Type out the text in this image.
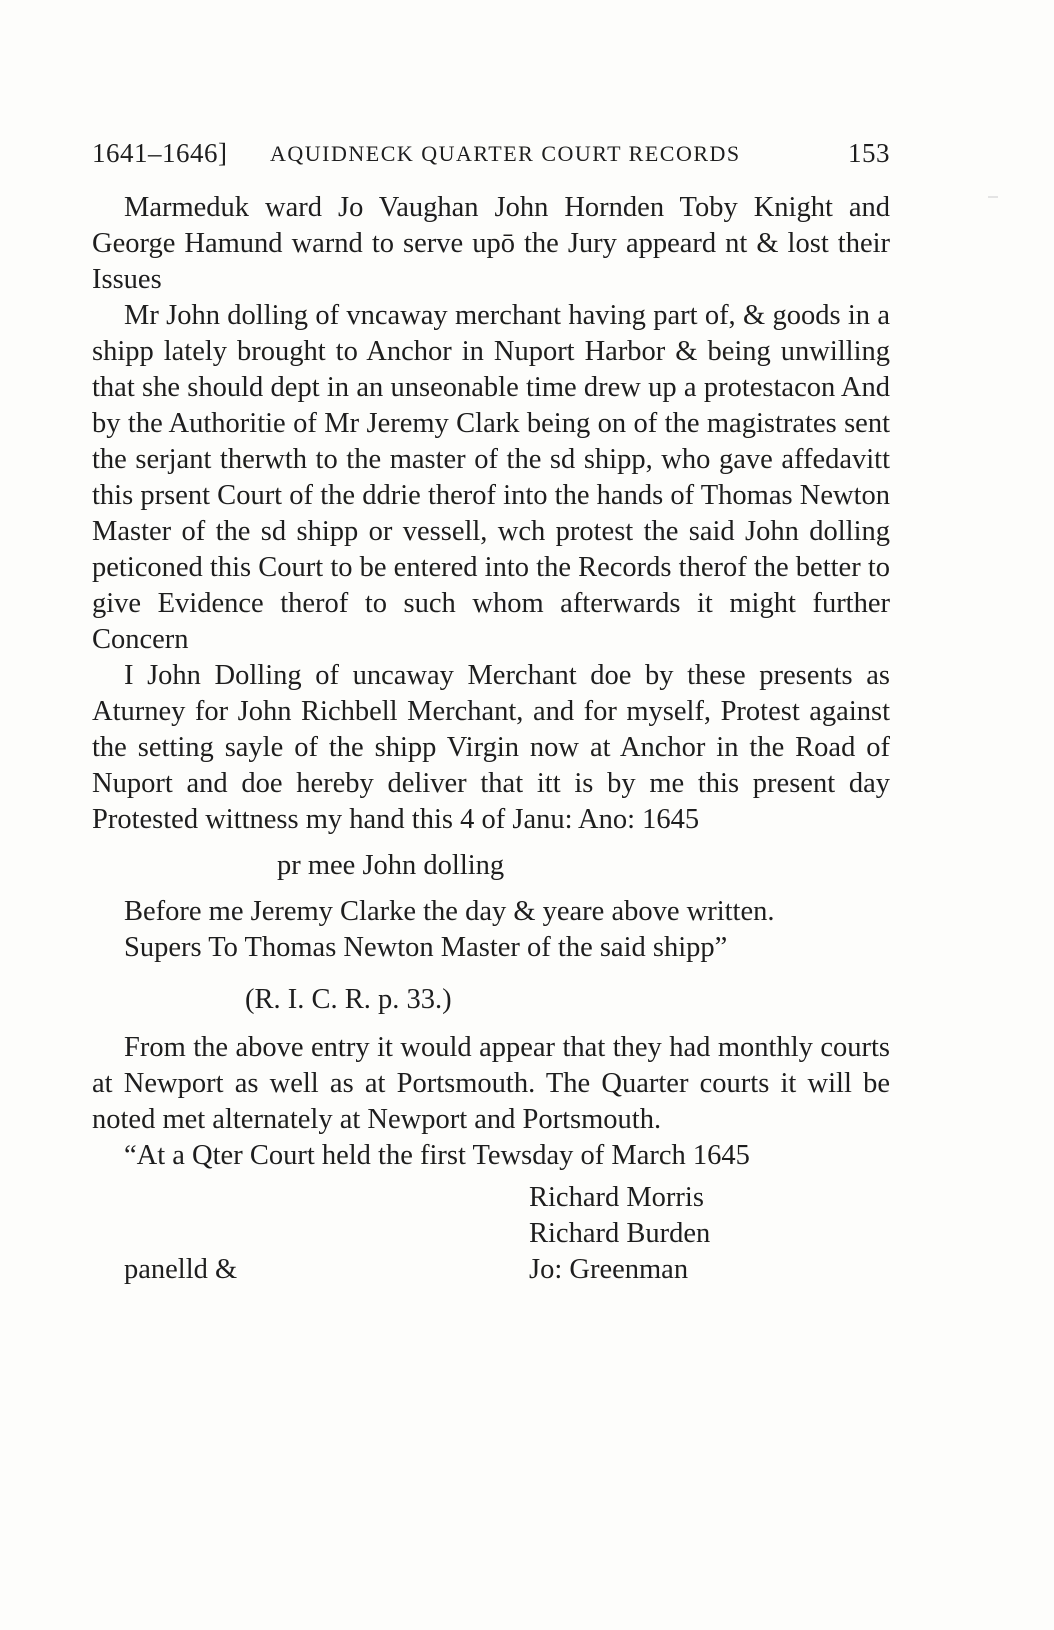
1641–1646] AQUIDNECK QUARTER COURT RECORDS	153

Marmeduk ward Jo Vaughan John Hornden Toby Knight and George Hamund warnd to serve upō the Jury appeard nt & lost their Issues

Mr John dolling of vncaway merchant having part of, & goods in a shipp lately brought to Anchor in Nuport Harbor & being unwilling that she should dept in an unseonable time drew up a protestacon And by the Authoritie of Mr Jeremy Clark being on of the magistrates sent the serjant therwth to the master of the sd shipp, who gave affedavitt this prsent Court of the ddrie therof into the hands of Thomas Newton Master of the sd shipp or vessell, wch protest the said John dolling peticoned this Court to be entered into the Records therof the better to give Evidence therof to such whom afterwards it might further Concern

I John Dolling of uncaway Merchant doe by these presents as Aturney for John Richbell Merchant, and for myself, Protest against the setting sayle of the shipp Virgin now at Anchor in the Road of Nuport and doe hereby deliver that itt is by me this present day Protested wittness my hand this 4 of Janu: Ano: 1645

pr mee John dolling

Before me Jeremy Clarke the day & yeare above written.

Supers To Thomas Newton Master of the said shipp”

(R. I. C. R. p. 33.)

From the above entry it would appear that they had monthly courts at Newport as well as at Portsmouth. The Quarter courts it will be noted met alternately at Newport and Portsmouth.

“At a Qter Court held the first Tewsday of March 1645

Richard Morris
Richard Burden
Jo: Greenman
panelld &
